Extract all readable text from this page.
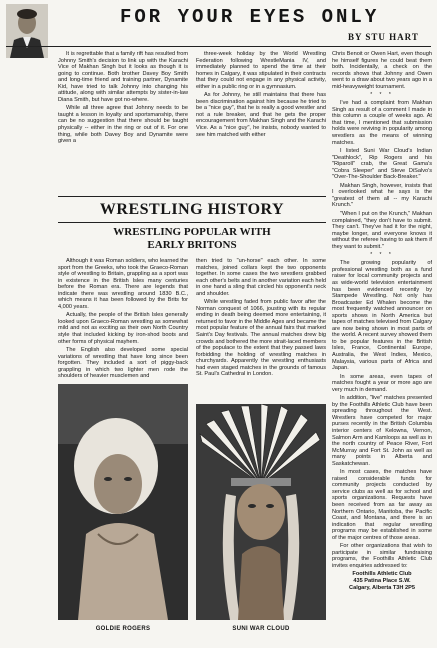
FOR YOUR EYES ONLY
BY STU HART

It is regrettable that a family rift has resulted from Johnny Smith's decision to link up with the Karachi Vice of Makhan Singh but it looks as though it is going to continue. Both brother Davey Boy Smith and long-time friend and training partner, Dynamite Kid, have tried to talk Johnny into changing his attitude, along with similar attempts by sister-in-law Diana Smith, but have got no-where.

While all three agree that Johnny needs to be taught a lesson in loyalty and sportsmanship, there can be no suggestion that there should be taught physically -- either in the ring or out of it. For one thing, while both Davey Boy and Dynamite were given a

three-week holiday by the World Wrestling Federation following WrestleMania IV, and immediately planned to spend the time at their homes in Calgary, it was stipulated in their contracts that they could not engage in any physical activity, either in a public ring or in a gymnasium.

As for Johnny, he still maintains that there has been discrimination against him because he tried to be a "nice guy", that he is really a good wrestler and not a rule breaker, and that he gets the proper encouragement from Makhan Singh and the Karachi Vice. As a "nice guy", he insists, nobody wanted to see him matched with either

Chris Benoit or Owen Hart, even though he himself figures he could beat them both. Incidentally, a check on the records shows that Johnny and Owen went to a draw about two years ago in a mid-heavyweight tournament.

* * *

I've had a complaint from Makhan Singh as result of a comment I made in this column a couple of weeks ago. At that time, I mentioned that submission holds were reviving in popularity among wrestlers as the means of winning matches.

I listed Suni War Cloud's Indian "Deathlock", Rip Rogers and his "Riparoll" crab, the Great Gama's "Cobra Sleeper" and Steve DiSalvo's "Over-The-Shoulder Back-Breaker."

Makhan Singh, however, insists that I overlooked what he says is the "greatest of them all -- my Karachi Krunch."

"When I put on the Krunch," Makhan complained, "they don't have to submit. They can't. They've had it for the night, maybe longer, and everyone knows it without the referee having to ask them if they want to submit."

* * *

The growing popularity of professional wrestling both as a fund raiser for local community projects and as wide-world television entertainment has been evidenced recently by Stampede Wrestling. Not only has Broadcaster Ed Whalen become the most frequently watched announcer on sports shows in North America but tapes of matches televised from Calgary are now being shown in most parts of the world. A recent survey showed them to be popular features in the British Isles, France, Continental Europe, Australia, the West Indies, Mexico, Malaysia, various parts of Africa and Japan.

In some areas, even tapes of matches fought a year or more ago are very much in demand.

In addition, "live" matches presented by the Foothills Athletic Club have been spreading throughout the West. Wrestlers have competed for major purses recently in the British Columbia interior centers of Kelowna, Vernon, Salmon Arm and Kamloops as well as in the north country of Peace River, Fort McMurray and Fort St. John as well as many points in Alberta and Saskatchewan.

In most cases, the matches have raised considerable funds for community projects conducted by service clubs as well as for school and sports organizations. Requests have been received from as far away as Northern Ontario, Manitoba, the Pacific Coast, and Montana, and there is an indication that regular wrestling programs may be established in some of the major centres of those areas.

For other organizations that wish to participate in similar fundraising programs, the Foothills Athletic Club invites enquiries addressed to:

Foothills Athletic Club
435 Patina Place S.W.
Calgary, Alberta T3H 2P5
WRESTLING HISTORY
WRESTLING POPULAR WITH
EARLY BRITONS

Although it was Roman soldiers, who learned the sport from the Greeks, who took the Graeco-Roman style of wrestling to Britain, grappling as a sport was in existence in the British Isles many centuries before the Roman era. There are legends that indicate there was wrestling around 1830 B.C., which means it has been followed by the Brits for 4,000 years.

Actually, the people of the British Isles generally looked upon Graeco-Roman wrestling as somewhat mild and not as exciting as their own North Country style that included kicking by iron-shod boots and other forms of physical mayhem.

The English also developed some special variations of wrestling that have long since been forgotten. They included a sort of piggy-back grappling in which two lighter men rode the shoulders of heavier musclemen and

then tried to "un-horse" each other. In some matches, joined collars kept the two opponents together. In some cases the two wrestlers grabbed each other's belts and in another variation each held in one hand a sling that circled his opponent's neck and shoulder.

While wrestling faded from public favor after the Norman conquest of 1066, jousting with its regular ending in death being deemed more entertaining, it returned to favor in the Middle Ages and became the most popular feature of the annual fairs that marked Saint's Day festivals. The annual matches drew big crowds and bothered the more strait-laced members of the populace to the extent that they passed laws forbidding the holding of wrestling matches in churchyards. Apparently the wrestling enthusiasts had even staged matches in the grounds of famous St. Paul's Cathedral in London.

GOLDIE ROGERS	SUNI WAR CLOUD
